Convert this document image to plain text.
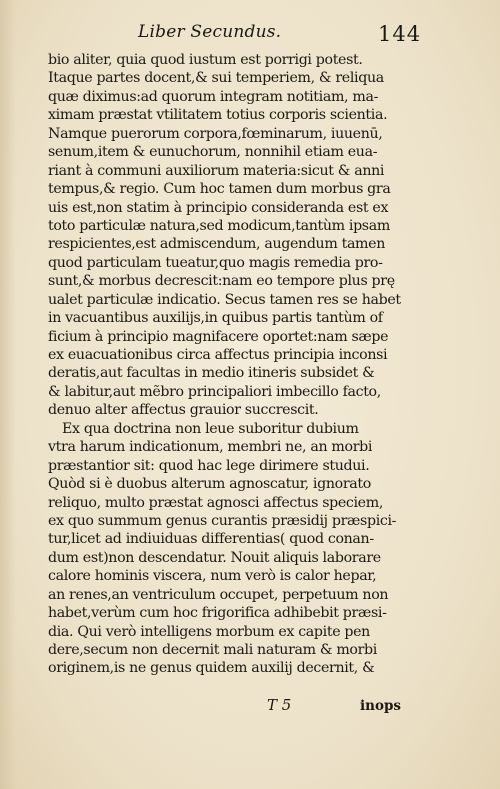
Liber Secundus.	144
bio aliter, quia quod iustum est porrigi potest.
Itaque partes docent,& sui temperiem, & reliqua
quæ diximus:ad quorum integram notitiam, ma-
ximam præstat vtilitatem totius corporis scientia.
Namque puerorum corpora,fœminarum, iuuenū,
senum,item & eunuchorum, nonnihil etiam eua-
riant à communi auxiliorum materia:sicut & anni
tempus,& regio. Cum hoc tamen dum morbus gra
uis est,non statim à principio consideranda est ex
toto particulæ natura,sed modicum,tantùm ipsam
respicientes,est admiscendum, augendum tamen
quod particulam tueatur,quo magis remedia pro-
sunt,& morbus decrescit:nam eo tempore plus prę
ualet particulæ indicatio. Secus tamen res se habet
in vacuantibus auxilijs,in quibus partis tantùm of
ficium à principio magnifacere oportet:nam sæpe
ex euacuationibus circa affectus principia inconsi
deratis,aut facultas in medio itineris subsidet &
& labitur,aut mẽbro principaliori imbecillo facto,
denuo alter affectus grauior succrescit.
Ex qua doctrina non leue suboritur dubium
vtra harum indicationum, membri ne, an morbi
præstantior sit: quod hac lege dirimere studui.
Quòd si è duobus alterum agnoscatur, ignorato
reliquo, multo præstat agnosci affectus speciem,
ex quo summum genus curantis præsidij præspici-
tur,licet ad indiuiduas differentias( quod conan-
dum est)non descendatur. Nouit aliquis laborare
calore hominis viscera, num verò is calor hepar,
an renes,an ventriculum occupet, perpetuum non
habet,verùm cum hoc frigorifica adhibebit præsi-
dia. Qui verò intelligens morbum ex capite pen
dere,secum non decernit mali naturam & morbi
originem,is ne genus quidem auxilij decernit, &
T 5	inops
